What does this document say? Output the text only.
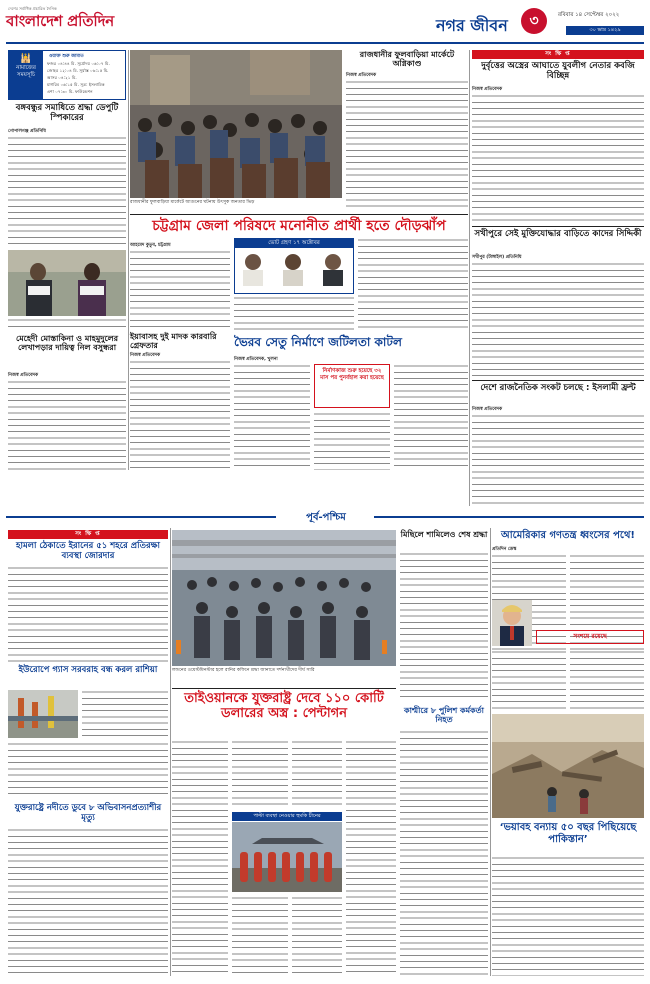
বাংলাদেশ প্রতিদিন
দেশের সর্বাধিক প্রচারিত দৈনিক
নগর জীবন	৩	রবিবার ১৪ সেপ্টেম্বর ২০২২
৩০ ভাদ্র ১৪২৯
🕌
নামাজের সময়সূচি
ওয়াক্ত শুরু জামাত
ফজর ০৪:৪৪ মি. সূর্যোদয় ০৬:০৭ মি.
জোহর ১২:০৪ মি. সূর্যাস্ত ০৬:১৫ মি.
আসর ০৪:২১ মি.
মাগরিব ০৬:১৫ মি. সূত্র: ইসলামিক
এশা ০৭:৩০ মি. ফাউন্ডেশন
বঙ্গবন্ধুর সমাধিতে শ্রদ্ধা ডেপুটি স্পিকারের
গোপালগঞ্জ প্রতিনিধি
মেহেদী মোস্তাকিনা ও মাহমুদুলের লেখাপড়ার দায়িত্ব নিল বসুন্ধরা
নিজস্ব প্রতিবেদক
রাজধানীর ফুলবাড়িয়া মার্কেটে আগুনের ঘটনায় উৎসুক জনতার ভিড়
রাজধানীর ফুলবাড়িয়া মার্কেটে অগ্নিকাণ্ড
নিজস্ব প্রতিবেদক
চট্টগ্রাম জেলা পরিষদে মনোনীত প্রার্থী হতে দৌড়ঝাঁপ
আহমেদ কুতুব, চট্টগ্রাম	ভোট গ্রহণ ১৭ অক্টোবর
ইয়াবাসহ দুই মাদক কারবারি গ্রেফতার
নিজস্ব প্রতিবেদক
ভৈরব সেতু নির্মাণে জটিলতা কাটল
নিজস্ব প্রতিবেদক, খুলনা
নির্মাণকাজ শুরু হয়েছে ৩২ মাস পর পুনর্বহাল করা হয়েছে
সং ক্ষি প্ত
দুর্বৃত্তের অস্ত্রের আঘাতে যুবলীগ নেতার কবজি বিচ্ছিন্ন
নিজস্ব প্রতিবেদক
সখীপুরে সেই মুক্তিযোদ্ধার বাড়িতে কাদের সিদ্দিকী
সখীপুর (টাঙ্গাইল) প্রতিনিধি
দেশে রাজনৈতিক সংকট চলছে : ইসলামী ফ্রন্ট
নিজস্ব প্রতিবেদক
পূর্ব-পশ্চিম
সং ক্ষি প্ত
হামলা ঠেকাতে ইরানের ৫১ শহরে প্রতিরক্ষা ব্যবস্থা জোরদার
ইউরোপে গ্যাস সরবরাহ বন্ধ করল রাশিয়া
যুক্তরাষ্ট্রে নদীতে ডুবে ৮ অভিবাসনপ্রত্যাশীর মৃত্যু
লন্ডনের ওয়েস্টমিনস্টার হলে রানির কফিনে শ্রদ্ধা জানাতে দর্শনার্থীদের দীর্ঘ সারি
মিছিলে শামিলেও শেষ শ্রদ্ধা
তাইওয়ানকে যুক্তরাষ্ট্র দেবে ১১০ কোটি ডলারের অস্ত্র : পেন্টাগন
পাল্টা ব্যবস্থা নেওয়ার হুমকি চীনের
কাশ্মীরে ৮ পুলিশ কর্মকর্তা নিহত
আমেরিকার গণতন্ত্র ধ্বংসের পথে!
প্রতিদিন ডেস্ক
সংশয়ে রয়েছে
‘ভয়াবহ বন্যায় ৫০ বছর পিছিয়েছে পাকিস্তান’
